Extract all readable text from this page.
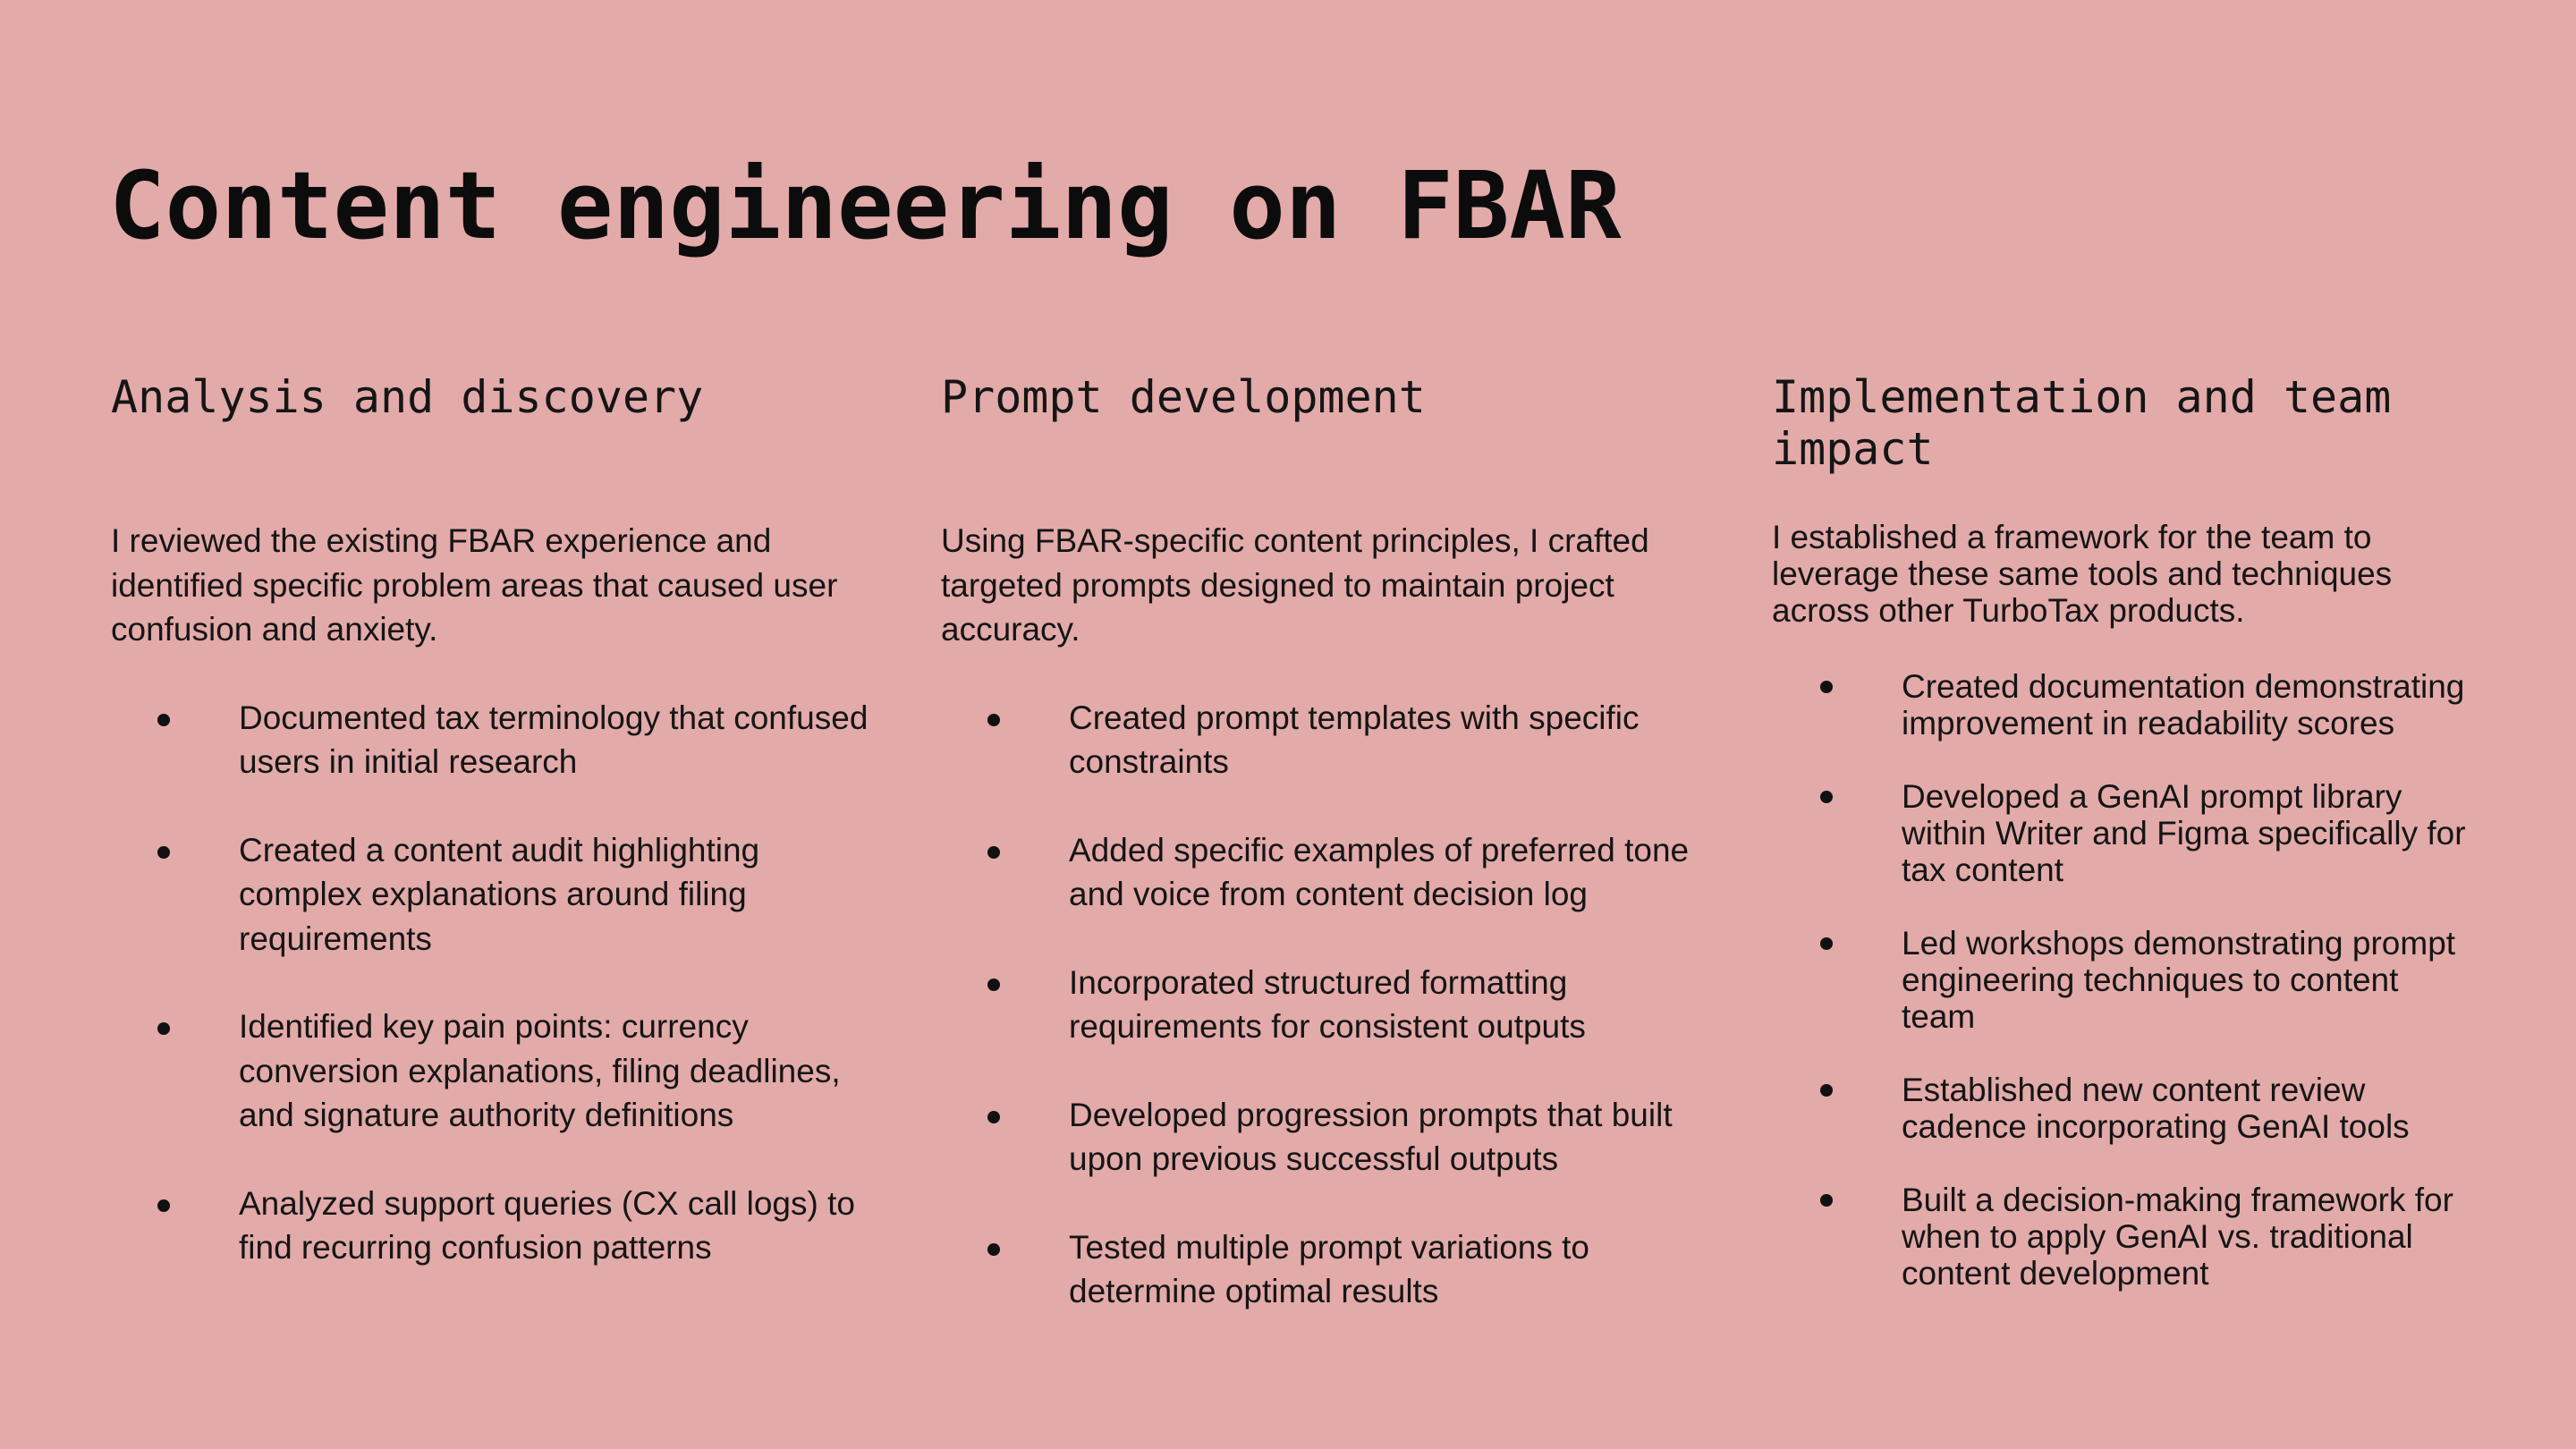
Content engineering on FBAR
Analysis and discovery

I reviewed the existing FBAR experience and identified specific problem areas that caused user confusion and anxiety.

Documented tax terminology that confused users in initial research
Created a content audit highlighting complex explanations around filing requirements
Identified key pain points: currency conversion explanations, filing deadlines, and signature authority definitions
Analyzed support queries (CX call logs) to find recurring confusion patterns
Prompt development

Using FBAR-specific content principles, I crafted targeted prompts designed to maintain project accuracy.

Created prompt templates with specific constraints
Added specific examples of preferred tone and voice from content decision log
Incorporated structured formatting requirements for consistent outputs
Developed progression prompts that built upon previous successful outputs
Tested multiple prompt variations to determine optimal results
Implementation and team impact

I established a framework for the team to leverage these same tools and techniques across other TurboTax products.

Created documentation demonstrating improvement in readability scores
Developed a GenAI prompt library within Writer and Figma specifically for tax content
Led workshops demonstrating prompt engineering techniques to content team
Established new content review cadence incorporating GenAI tools
Built a decision-making framework for when to apply GenAI vs. traditional content development
